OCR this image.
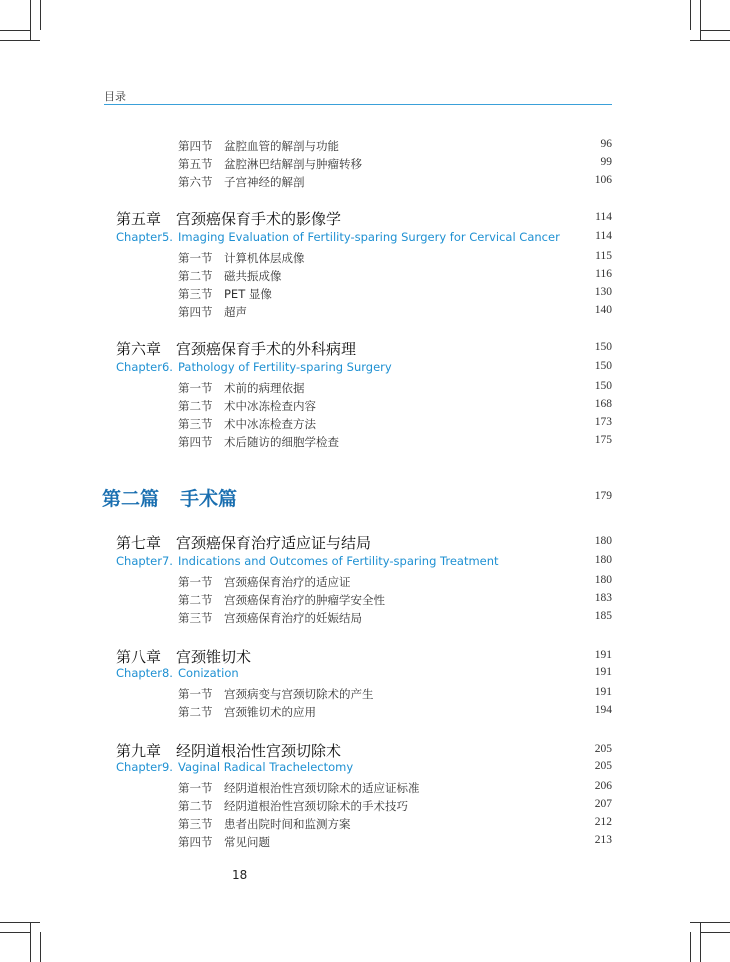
目录
第四节 盆腔血管的解剖与功能	96
第五节 盆腔淋巴结解剖与肿瘤转移	99
第六节 子宫神经的解剖	106
第五章 宫颈癌保育手术的影像学	114
Chapter5. Imaging Evaluation of Fertility-sparing Surgery for Cervical Cancer	114
第一节 计算机体层成像	115
第二节 磁共振成像	116
第三节 PET 显像	130
第四节 超声	140
第六章 宫颈癌保育手术的外科病理	150
Chapter6. Pathology of Fertility-sparing Surgery	150
第一节 术前的病理依据	150
第二节 术中冰冻检查内容	168
第三节 术中冰冻检查方法	173
第四节 术后随访的细胞学检查	175
第二篇 手术篇	179
第七章 宫颈癌保育治疗适应证与结局	180
Chapter7. Indications and Outcomes of Fertility-sparing Treatment	180
第一节 宫颈癌保育治疗的适应证	180
第二节 宫颈癌保育治疗的肿瘤学安全性	183
第三节 宫颈癌保育治疗的妊娠结局	185
第八章 宫颈锥切术	191
Chapter8. Conization	191
第一节 宫颈病变与宫颈切除术的产生	191
第二节 宫颈锥切术的应用	194
第九章 经阴道根治性宫颈切除术	205
Chapter9. Vaginal Radical Trachelectomy	205
第一节 经阴道根治性宫颈切除术的适应证标准	206
第二节 经阴道根治性宫颈切除术的手术技巧	207
第三节 患者出院时间和监测方案	212
第四节 常见问题	213
18
